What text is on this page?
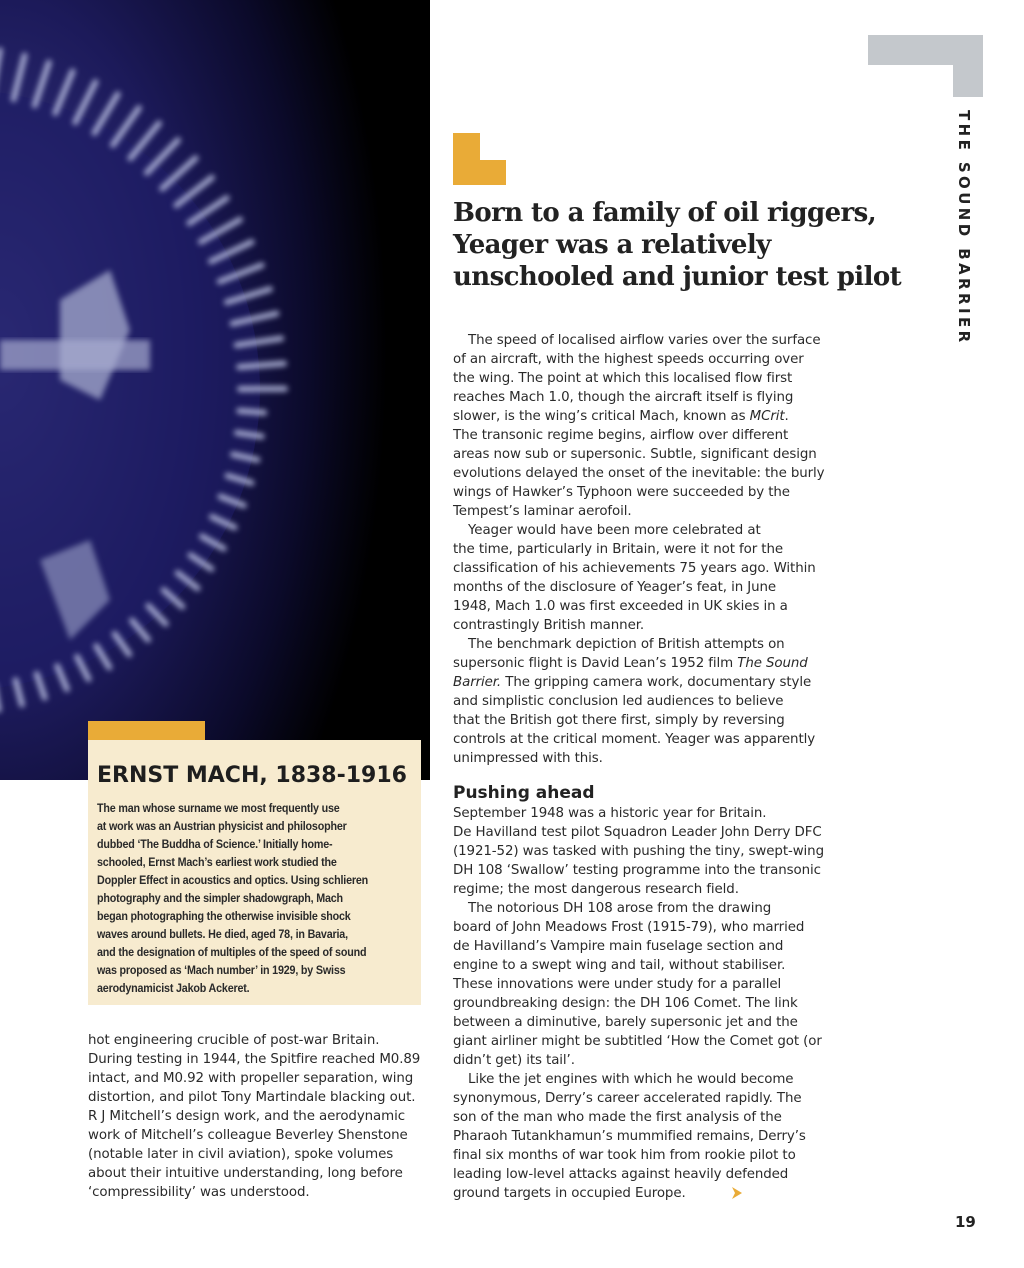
ERNST MACH, 1838-1916
The man whose surname we most frequently use
at work was an Austrian physicist and philosopher
dubbed ‘The Buddha of Science.’ Initially home-
schooled, Ernst Mach’s earliest work studied the
Doppler Effect in acoustics and optics. Using schlieren
photography and the simpler shadowgraph, Mach
began photographing the otherwise invisible shock
waves around bullets. He died, aged 78, in Bavaria,
and the designation of multiples of the speed of sound
was proposed as ‘Mach number’ in 1929, by Swiss
aerodynamicist Jakob Ackeret.
hot engineering crucible of post-war Britain.
During testing in 1944, the Spitfire reached M0.89
intact, and M0.92 with propeller separation, wing
distortion, and pilot Tony Martindale blacking out.
R J Mitchell’s design work, and the aerodynamic
work of Mitchell’s colleague Beverley Shenstone
(notable later in civil aviation), spoke volumes
about their intuitive understanding, long before
‘compressibility’ was understood.
THE SOUND BARRIER
Born to a family of oil riggers,
Yeager was a relatively
unschooled and junior test pilot
The speed of localised airflow varies over the surface
of an aircraft, with the highest speeds occurring over
the wing. The point at which this localised flow first
reaches Mach 1.0, though the aircraft itself is flying
slower, is the wing’s critical Mach, known as MCrit.
The transonic regime begins, airflow over different
areas now sub or supersonic. Subtle, significant design
evolutions delayed the onset of the inevitable: the burly
wings of Hawker’s Typhoon were succeeded by the
Tempest’s laminar aerofoil.
Yeager would have been more celebrated at
the time, particularly in Britain, were it not for the
classification of his achievements 75 years ago. Within
months of the disclosure of Yeager’s feat, in June
1948, Mach 1.0 was first exceeded in UK skies in a
contrastingly British manner.
The benchmark depiction of British attempts on
supersonic flight is David Lean’s 1952 film The Sound
Barrier. The gripping camera work, documentary style
and simplistic conclusion led audiences to believe
that the British got there first, simply by reversing
controls at the critical moment. Yeager was apparently
unimpressed with this.
Pushing ahead
September 1948 was a historic year for Britain.
De Havilland test pilot Squadron Leader John Derry DFC
(1921-52) was tasked with pushing the tiny, swept-wing
DH 108 ‘Swallow’ testing programme into the transonic
regime; the most dangerous research field.
The notorious DH 108 arose from the drawing
board of John Meadows Frost (1915-79), who married
de Havilland’s Vampire main fuselage section and
engine to a swept wing and tail, without stabiliser.
These innovations were under study for a parallel
groundbreaking design: the DH 106 Comet. The link
between a diminutive, barely supersonic jet and the
giant airliner might be subtitled ‘How the Comet got (or
didn’t get) its tail’.
Like the jet engines with which he would become
synonymous, Derry’s career accelerated rapidly. The
son of the man who made the first analysis of the
Pharaoh Tutankhamun’s mummified remains, Derry’s
final six months of war took him from rookie pilot to
leading low-level attacks against heavily defended
ground targets in occupied Europe.
19
